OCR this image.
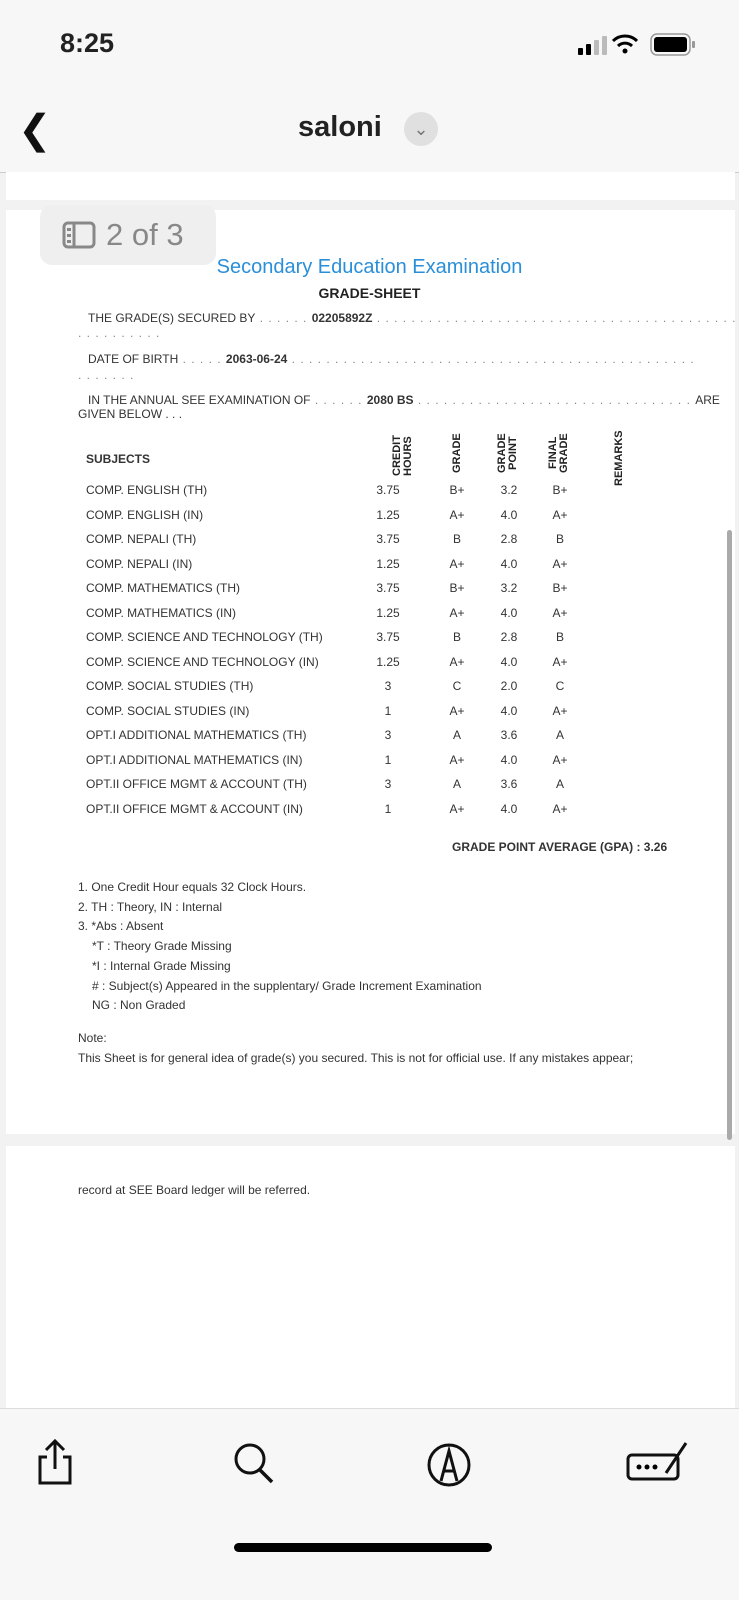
8:25
❮	saloni	⌄
2 of 3
Secondary Education Examination
GRADE-SHEET
THE GRADE(S) SECURED BY . . . . . . 02205892Z . . . . . . . . . . . . . . . . . . . . . . . . . . . . . . . . . . . . . . . . . .
. . . . . . . . . .
DATE OF BIRTH . . . . . 2063-06-24 . . . . . . . . . . . . . . . . . . . . . . . . . . . . . . . . . . . . . . . . . . . . . . .
. . . . . . .
IN THE ANNUAL SEE EXAMINATION OF . . . . . . 2080 BS . . . . . . . . . . . . . . . . . . . . . . . . . . . . . . . . ARE
GIVEN BELOW . . .
SUBJECTS	CREDIT HOURS	GRADE	GRADE POINT	FINAL GRADE	REMARKS
COMP. ENGLISH (TH)	3.75	B+	3.2	B+
COMP. ENGLISH (IN)	1.25	A+	4.0	A+
COMP. NEPALI (TH)	3.75	B	2.8	B
COMP. NEPALI (IN)	1.25	A+	4.0	A+
COMP. MATHEMATICS (TH)	3.75	B+	3.2	B+
COMP. MATHEMATICS (IN)	1.25	A+	4.0	A+
COMP. SCIENCE AND TECHNOLOGY (TH)	3.75	B	2.8	B
COMP. SCIENCE AND TECHNOLOGY (IN)	1.25	A+	4.0	A+
COMP. SOCIAL STUDIES (TH)	3	C	2.0	C
COMP. SOCIAL STUDIES (IN)	1	A+	4.0	A+
OPT.I ADDITIONAL MATHEMATICS (TH)	3	A	3.6	A
OPT.I ADDITIONAL MATHEMATICS (IN)	1	A+	4.0	A+
OPT.II OFFICE MGMT & ACCOUNT (TH)	3	A	3.6	A
OPT.II OFFICE MGMT & ACCOUNT (IN)	1	A+	4.0	A+
GRADE POINT AVERAGE (GPA) : 3.26
1. One Credit Hour equals 32 Clock Hours.
2. TH : Theory, IN : Internal
3. *Abs : Absent
*T : Theory Grade Missing
*I : Internal Grade Missing
# : Subject(s) Appeared in the supplentary/ Grade Increment Examination
NG : Non Graded
Note:
This Sheet is for general idea of grade(s) you secured. This is not for official use. If any mistakes appear;
record at SEE Board ledger will be referred.
